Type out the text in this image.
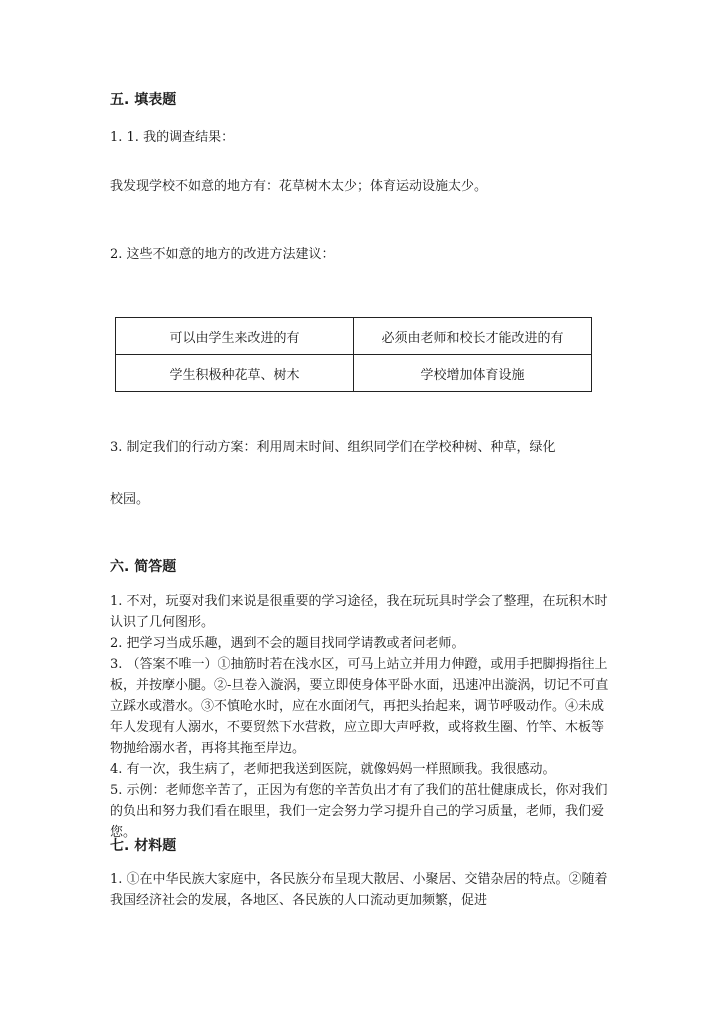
五. 填表题
1. 1. 我的调查结果：
我发现学校不如意的地方有：花草树木太少；体育运动设施太少。
2. 这些不如意的地方的改进方法建议：
可以由学生来改进的有	必须由老师和校长才能改进的有
学生积极种花草、树木	学校增加体育设施
3. 制定我们的行动方案：利用周末时间、组织同学们在学校种树、种草，绿化
校园。
六. 简答题
1. 不对，玩耍对我们来说是很重要的学习途径，我在玩玩具时学会了整理，在玩积木时认识了几何图形。
2. 把学习当成乐趣，遇到不会的题目找同学请教或者问老师。
3. （答案不唯一）①抽筋时若在浅水区，可马上站立并用力伸蹬，或用手把脚拇指往上板，并按摩小腿。②-旦卷入漩涡，要立即使身体平卧水面，迅速冲出漩涡，切记不可直立踩水或潜水。③不慎呛水时，应在水面闭气，再把头抬起来，调节呼吸动作。④未成年人发现有人溺水，不要贸然下水营救，应立即大声呼救，或将救生圈、竹竿、木板等物抛给溺水者，再将其拖至岸边。
4. 有一次，我生病了，老师把我送到医院，就像妈妈一样照顾我。我很感动。
5. 示例：老师您辛苦了，正因为有您的辛苦负出才有了我们的茁壮健康成长，你对我们的负出和努力我们看在眼里，我们一定会努力学习提升自己的学习质量，老师，我们爱您。
七. 材料题
1. ①在中华民族大家庭中，各民族分布呈现大散居、小聚居、交错杂居的特点。②随着我国经济社会的发展，各地区、各民族的人口流动更加频繁，促进
